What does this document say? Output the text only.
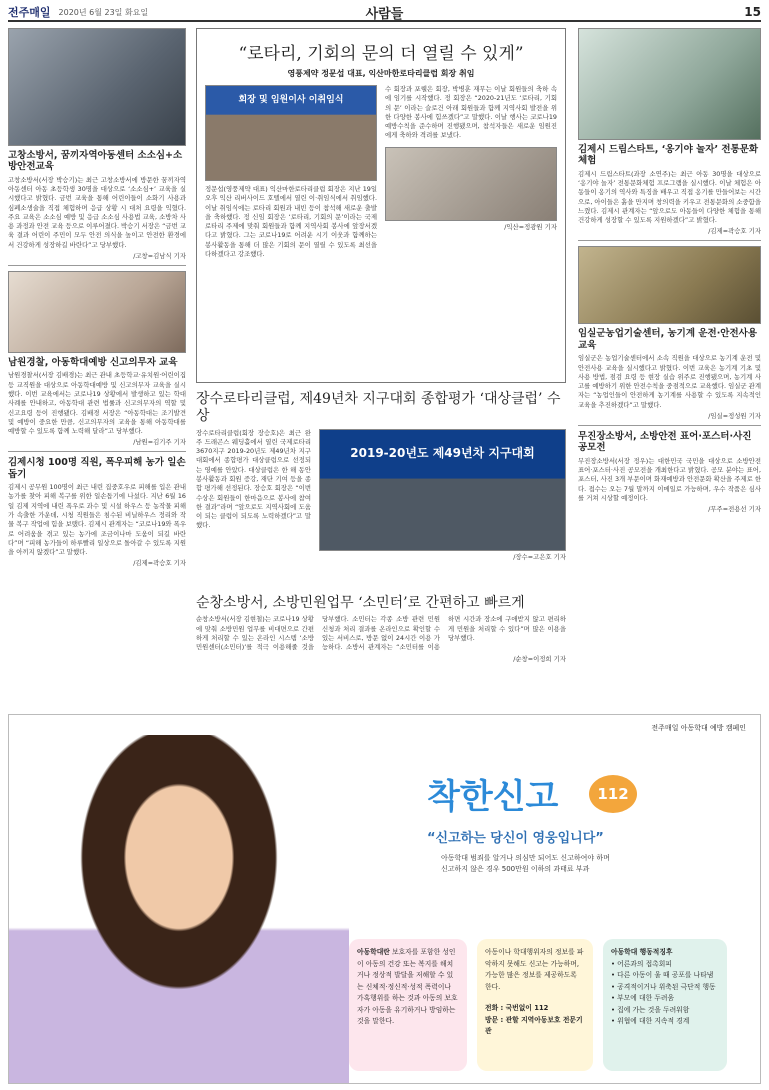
전주매일 2020년 6월 23일 화요일	사람들	15
고창소방서, 꿈끼자역아동센터 소소심+소방안전교육
고창소방서(서장 박승기)는 최근 고창소방서에 방문한 꿈끼자역아동센터 아동 초등학생 30명을 대상으로 ‘소소심+’ 교육을 실시했다고 밝혔다. 금번 교육을 통해 어린이들이 소화기 사용과 심폐소생술을 직접 체험하며 응급 상황 시 대처 요령을 익혔다. 주요 교육은 소소심 예방 및 응급 소소심 사용법 교육, 소방차 사용 과정과 안전 교육 등으로 이루어졌다. 박승기 서장은 “금번 교육 결과 어린이 주민이 모두 안전 의식을 높이고 안전한 환경에서 건강하게 성장하길 바란다”고 당부했다.
/고창=김남식 기자
남원경찰, 아동학대예방 신고의무자 교육
남원경찰서(서장 김배경)는 최근 관내 초등학교·유치원·어린이집 등 교직원을 대상으로 아동학대예방 및 신고의무자 교육을 실시했다. 이번 교육에서는 코로나19 상황에서 발생하고 있는 학대 사례를 안내하고, 아동학대 관련 법률과 신고의무자의 역할 및 신고요령 등이 진행됐다. 김배경 서장은 “아동학대는 조기발견 및 예방이 중요한 만큼, 신고의무자의 교육을 통해 아동학대를 예방할 수 있도록 함께 노력해 달라”고 당부했다.
/남원=김기주 기자
김제시청 100명 직원, 폭우피해 농가 일손돕기
김제시 공무원 100명이 최근 내린 집중호우로 피해를 입은 관내 농가를 찾아 피해 복구를 위한 일손돕기에 나섰다. 지난 6월 16일 김제 지역에 내린 폭우로 과수 및 시설 하우스 등 농작물 피해가 속출한 가운데, 시청 직원들은 침수된 비닐하우스 정리와 작물 복구 작업에 힘을 보탰다. 김제시 관계자는 “코로나19와 폭우로 어려움을 겪고 있는 농가에 조금이나마 도움이 되길 바란다”며 “피해 농가들이 하루빨리 일상으로 돌아갈 수 있도록 지원을 아끼지 않겠다”고 말했다.
/김제=곽승호 기자
“로타리, 기회의 문의 더 열릴 수 있게”
영풍제약 정문섭 대표, 익산마한로타리클럽 회장 취임
회장 및 임원이사 이취임식
정문섭(영풍제약 대표) 익산마한로타리클럽 회장은 지난 19일 오후 익산 리버사이드 호텔에서 열린 이·취임식에서 취임했다. 이날 취임식에는 로타리 회원과 내빈 등이 참석해 새로운 출발을 축하했다. 정 신임 회장은 ‘로타리, 기회의 문’이라는 국제로타리 주제에 맞춰 회원들과 함께 지역사회 봉사에 앞장서겠다고 밝혔다. 그는 코로나19로 어려운 시기 이웃과 함께하는 봉사활동을 통해 더 많은 기회의 문이 열릴 수 있도록 최선을 다하겠다고 강조했다.
수 회장과 포웰은 회장, 박병훈 재무는 이날 회원들의 축하 속에 임기를 시작했다. 정 회장은 “2020-21년도 ‘로타리, 기회의 문’ 이라는 슬로건 아래 회원들과 함께 지역사회 발전을 위한 다양한 봉사에 힘쓰겠다”고 말했다. 이날 행사는 코로나19 예방수칙을 준수하며 진행됐으며, 참석자들은 새로운 임원진에게 축하와 격려를 보냈다.
/익산=정광원 기자
장수로타리클럽, 제49년차 지구대회 종합평가 ‘대상클럽’ 수상
장수로타리클럽(회장 장승호)은 최근 완주 드래곤스 웨딩홀에서 열린 국제로타리 3670지구 2019-20년도 제49년차 지구대회에서 종합평가 대상클럽으로 선정되는 영예를 안았다. 대상클럽은 한 해 동안 봉사활동과 회원 증강, 재단 기여 등을 종합 평가해 선정된다. 장승호 회장은 “이번 수상은 회원들이 한마음으로 봉사에 참여한 결과”라며 “앞으로도 지역사회에 도움이 되는 클럽이 되도록 노력하겠다”고 말했다.
2019-20년도 제49년차 지구대회
/장수=고은호 기자
순창소방서, 소방민원업무 ‘소민터’로 간편하고 빠르게
순창소방서(서장 김현철)는 코로나19 상황에 맞춰 소방민원 업무를 비대면으로 간편하게 처리할 수 있는 온라인 시스템 ‘소방민원센터(소민터)’를 적극 이용해줄 것을 당부했다. 소민터는 각종 소방 관련 민원 신청과 처리 결과를 온라인으로 확인할 수 있는 서비스로, 방문 없이 24시간 이용 가능하다. 소방서 관계자는 “소민터를 이용하면 시간과 장소에 구애받지 않고 편리하게 민원을 처리할 수 있다”며 많은 이용을 당부했다.
/순창=이정희 기자
김제시 드림스타트, ‘옹기야 놀자’ 전통문화체험
김제시 드림스타트(과장 소연주)는 최근 아동 30명을 대상으로 ‘옹기야 놀자’ 전통문화체험 프로그램을 실시했다. 이날 체험은 아동들이 옹기의 역사와 특징을 배우고 직접 옹기를 만들어보는 시간으로, 아이들은 흙을 만지며 창의력을 키우고 전통문화의 소중함을 느꼈다. 김제시 관계자는 “앞으로도 아동들이 다양한 체험을 통해 건강하게 성장할 수 있도록 지원하겠다”고 밝혔다.
/김제=곽승호 기자
임실군농업기술센터, 농기계 운전·안전사용 교육
임실군은 농업기술센터에서 소속 직원을 대상으로 농기계 운전 및 안전사용 교육을 실시했다고 밝혔다. 이번 교육은 농기계 기초 및 사용 방법, 점검 요령 등 현장 실습 위주로 진행됐으며, 농기계 사고를 예방하기 위한 안전수칙을 중점적으로 교육했다. 임실군 관계자는 “농업인들이 안전하게 농기계를 사용할 수 있도록 지속적인 교육을 추진하겠다”고 말했다.
/임실=정성원 기자
무진장소방서, 소방안전 표어·포스터·사진 공모전
무진장소방서(서장 정우)는 대한민국 국민을 대상으로 소방안전 표어·포스터·사진 공모전을 개최한다고 밝혔다. 공모 분야는 표어, 포스터, 사진 3개 부문이며 화재예방과 안전문화 확산을 주제로 한다. 접수는 오는 7월 말까지 이메일로 가능하며, 우수 작품은 심사를 거쳐 시상할 예정이다.
/무주=전용선 기자
전주매일 아동학대 예방 캠페인
착한신고	112
“신고하는 당신이 영웅입니다”
아동학대 범죄를 알거나 의심만 되어도 신고하여야 하며
신고하지 않은 경우 500만원 이하의 과태료 부과
아동학대란 보호자를 포함한 성인이 아동의 건강 또는 복지를 해치거나 정상적 발달을 저해할 수 있는 신체적·정신적·성적 폭력이나 가혹행위를 하는 것과 아동의 보호자가 아동을 유기하거나 방임하는 것을 말한다.
아동이나 학대행위자의 정보를 파악하지 못해도 신고는 가능하며, 가능한 많은 정보를 제공하도록 한다.
전화 : 국번없이 112
방문 : 관할 지역아동보호 전문기관
아동학대 행동적징후
• 어른과의 접촉회피
• 다른 아동이 울 때 공포를 나타냄
• 공격적이거나 위축된 극단적 행동
• 부모에 대한 두려움
• 집에 가는 것을 두려워함
• 위협에 대한 지속적 경계
